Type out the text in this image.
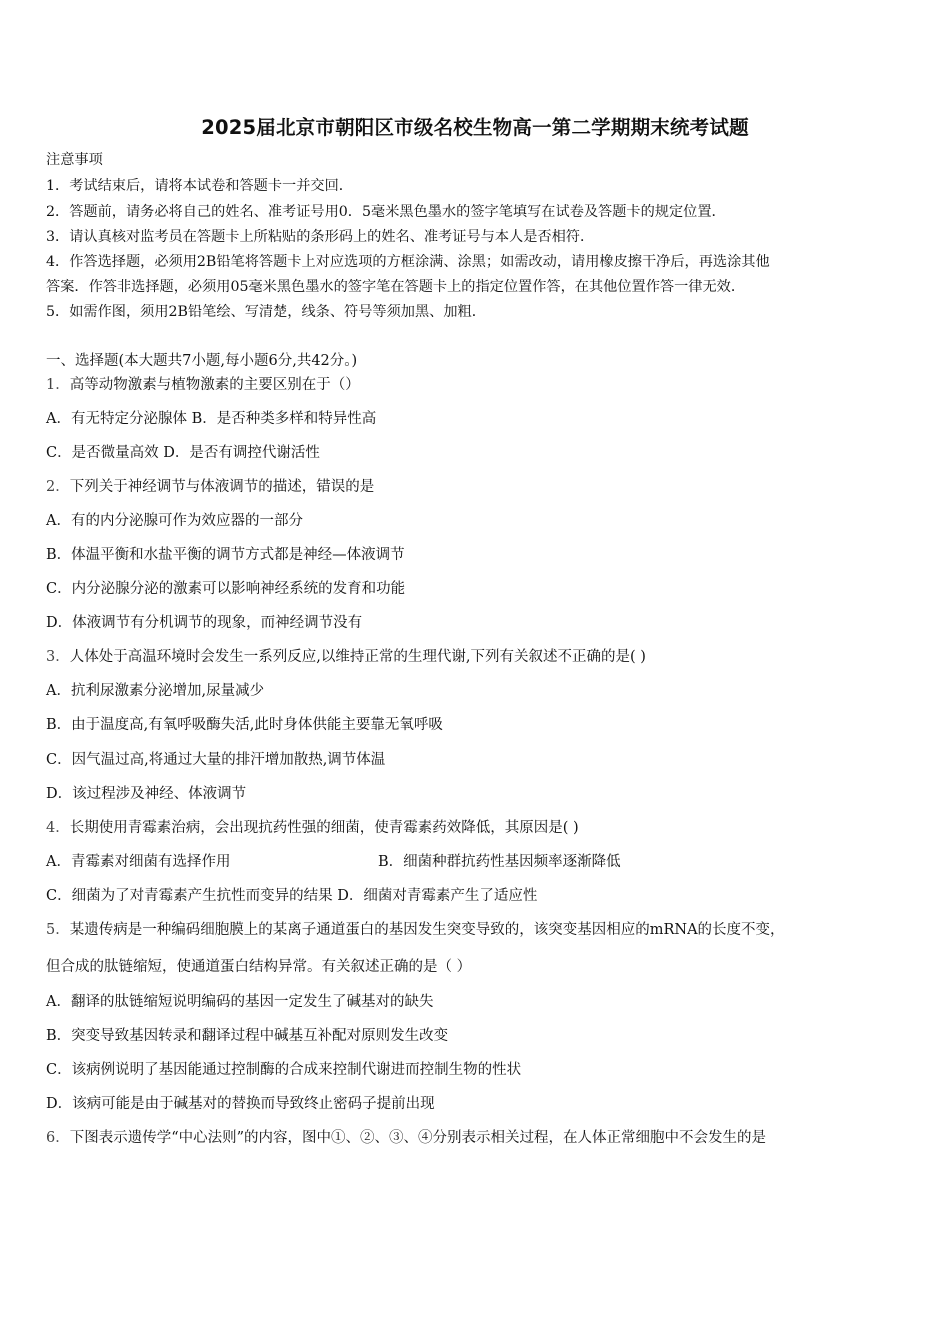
2025届北京市朝阳区市级名校生物高一第二学期期末统考试题
注意事项
1．考试结束后，请将本试卷和答题卡一并交回．
2．答题前，请务必将自己的姓名、准考证号用0．5毫米黑色墨水的签字笔填写在试卷及答题卡的规定位置．
3．请认真核对监考员在答题卡上所粘贴的条形码上的姓名、准考证号与本人是否相符．
4．作答选择题，必须用2B铅笔将答题卡上对应选项的方框涂满、涂黑；如需改动，请用橡皮擦干净后，再选涂其他
答案．作答非选择题，必须用05毫米黑色墨水的签字笔在答题卡上的指定位置作答，在其他位置作答一律无效．
5．如需作图，须用2B铅笔绘、写清楚，线条、符号等须加黑、加粗．
一、选择题(本大题共7小题,每小题6分,共42分。)
1．高等动物激素与植物激素的主要区别在于（）
A．有无特定分泌腺体 B．是否种类多样和特异性高
C．是否微量高效 D．是否有调控代谢活性
2．下列关于神经调节与体液调节的描述，错误的是
A．有的内分泌腺可作为效应器的一部分
B．体温平衡和水盐平衡的调节方式都是神经—体液调节
C．内分泌腺分泌的激素可以影响神经系统的发育和功能
D．体液调节有分机调节的现象，而神经调节没有
3．人体处于高温环境时会发生一系列反应,以维持正常的生理代谢,下列有关叙述不正确的是( )
A．抗利尿激素分泌增加,尿量减少
B．由于温度高,有氧呼吸酶失活,此时身体供能主要靠无氧呼吸
C．因气温过高,将通过大量的排汗增加散热,调节体温
D．该过程涉及神经、体液调节
4．长期使用青霉素治病，会出现抗药性强的细菌，使青霉素药效降低，其原因是( )
A．青霉素对细菌有选择作用	B．细菌种群抗药性基因频率逐渐降低
C．细菌为了对青霉素产生抗性而变异的结果 D．细菌对青霉素产生了适应性
5．某遗传病是一种编码细胞膜上的某离子通道蛋白的基因发生突变导致的，该突变基因相应的mRNA的长度不变，
但合成的肽链缩短，使通道蛋白结构异常。有关叙述正确的是（ ）
A．翻译的肽链缩短说明编码的基因一定发生了碱基对的缺失
B．突变导致基因转录和翻译过程中碱基互补配对原则发生改变
C．该病例说明了基因能通过控制酶的合成来控制代谢进而控制生物的性状
D．该病可能是由于碱基对的替换而导致终止密码子提前出现
6．下图表示遗传学“中心法则”的内容，图中①、②、③、④分别表示相关过程，在人体正常细胞中不会发生的是
